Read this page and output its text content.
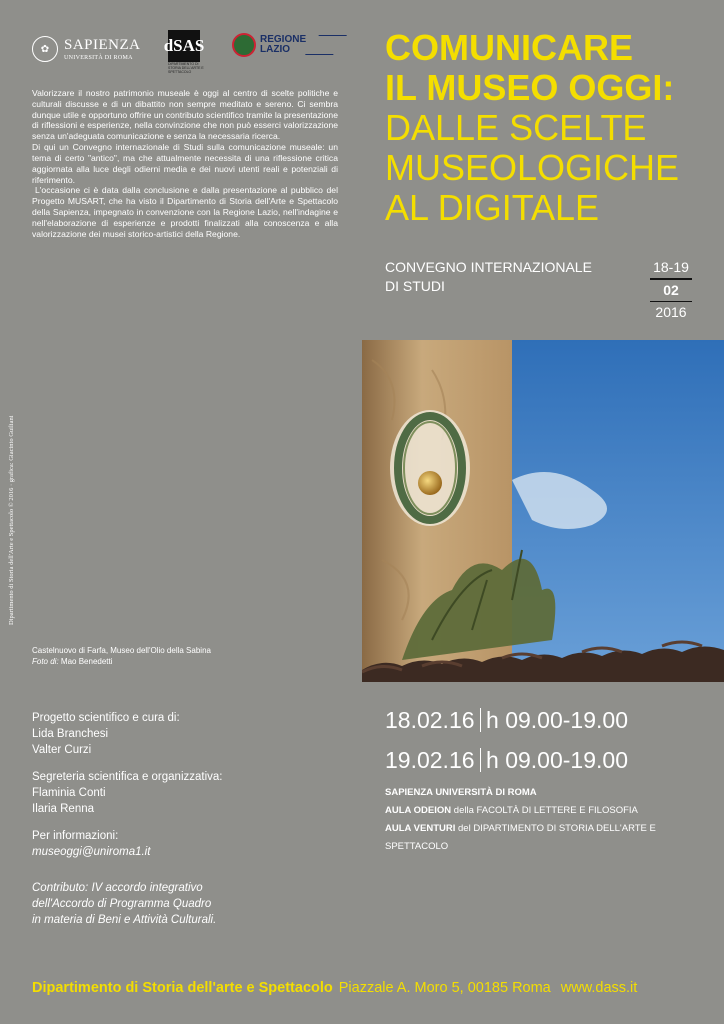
✿ SAPIENZA
UNIVERSITÀ DI ROMA
dSAS
DIPARTIMENTO DI STORIA DELL'ARTE E SPETTACOLO
REGIONE
LAZIO

Valorizzare il nostro patrimonio museale è oggi al centro di scelte politiche e culturali discusse e di un dibattito non sempre meditato e sereno. Ci sembra dunque utile e opportuno offrire un contributo scientifico tramite la presentazione di riflessioni e esperienze, nella convinzione che non può esserci valorizzazione senza un'adeguata comunicazione e senza la necessaria ricerca.

Di qui un Convegno internazionale di Studi sulla comunicazione museale: un tema di certo "antico", ma che attualmente necessita di una riflessione critica aggiornata alla luce degli odierni media e dei nuovi utenti reali e potenziali di riferimento.

L'occasione ci è data dalla conclusione e dalla presentazione al pubblico del Progetto MUSART, che ha visto il Dipartimento di Storia dell'Arte e Spettacolo della Sapienza, impegnato in convenzione con la Regione Lazio, nell'indagine e nell'elaborazione di esperienze e prodotti finalizzati alla conoscenza e alla valorizzazione dei musei storico-artistici della Regione.

COMUNICARE
IL MUSEO OGGI:
DALLE SCELTE
MUSEOLOGICHE
AL DIGITALE
CONVEGNO INTERNAZIONALE
DI STUDI
18-19
02
2016
Dipartimento di Storia dell'Arte e Spettacolo © 2016 · grafica: Giacinto Guiliani
Castelnuovo di Farfa, Museo dell'Olio della Sabina
Foto di: Mao Benedetti
Progetto scientifico e cura di:
Lida Branchesi
Valter Curzi
Segreteria scientifica e organizzativa:
Flaminia Conti
Ilaria Renna
Per informazioni:
museoggi@uniroma1.it
Contributo: IV accordo integrativo
dell'Accordo di Programma Quadro
in materia di Beni e Attività Culturali.
18.02.16 h 09.00-19.00
19.02.16 h 09.00-19.00
SAPIENZA UNIVERSITÀ DI ROMA
AULA ODEION della FACOLTÀ DI LETTERE E FILOSOFIA
AULA VENTURI del DIPARTIMENTO DI STORIA DELL'ARTE E SPETTACOLO
Dipartimento di Storia dell'arte e Spettacolo Piazzale A. Moro 5, 00185 Roma www.dass.it
